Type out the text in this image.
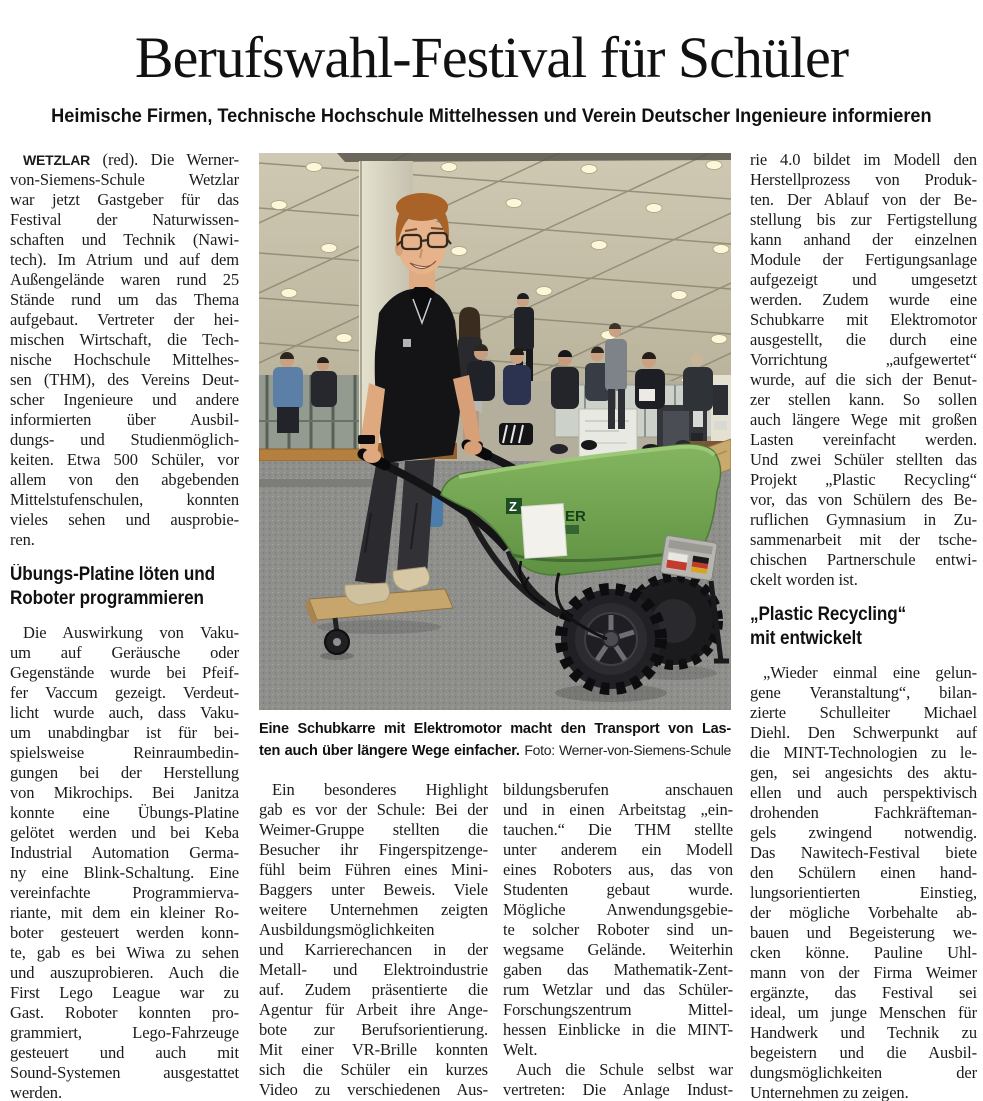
Berufswahl-Festival für Schüler
Heimische Firmen, Technische Hochschule Mittelhessen und Verein Deutscher Ingenieure informieren
WETZLAR (red). Die Werner-
von-Siemens-Schule Wetzlar
war jetzt Gastgeber für das
Festival der Naturwissen-
schaften und Technik (Nawi-
tech). Im Atrium und auf dem
Außengelände waren rund 25
Stände rund um das Thema
aufgebaut. Vertreter der hei-
mischen Wirtschaft, die Tech-
nische Hochschule Mittelhes-
sen (THM), des Vereins Deut-
scher Ingenieure und andere
informierten über Ausbil-
dungs- und Studienmöglich-
keiten. Etwa 500 Schüler, vor
allem von den abgebenden
Mittelstufenschulen, konnten
vieles sehen und ausprobie-
ren.
Übungs-Platine löten und
Roboter programmieren
Die Auswirkung von Vaku-
um auf Geräusche oder
Gegenstände wurde bei Pfeif-
fer Vaccum gezeigt. Verdeut-
licht wurde auch, dass Vaku-
um unabdingbar ist für bei-
spielsweise Reinraumbedin-
gungen bei der Herstellung
von Mikrochips. Bei Janitza
konnte eine Übungs-Platine
gelötet werden und bei Keba
Industrial Automation Germa-
ny eine Blink-Schaltung. Eine
vereinfachte Programmierva-
riante, mit dem ein kleiner Ro-
boter gesteuert werden konn-
te, gab es bei Wiwa zu sehen
und auszuprobieren. Auch die
First Lego League war zu
Gast. Roboter konnten pro-
grammiert, Lego-Fahrzeuge
gesteuert und auch mit
Sound-Systemen ausgestattet
werden.
Z
ER
Eine Schubkarre mit Elektromotor macht den Transport von Las-
ten auch über längere Wege einfacher. Foto: Werner-von-Siemens-Schule
Ein besonderes Highlight
gab es vor der Schule: Bei der
Weimer-Gruppe stellten die
Besucher ihr Fingerspitzenge-
fühl beim Führen eines Mini-
Baggers unter Beweis. Viele
weitere Unternehmen zeigten
Ausbildungsmöglichkeiten
und Karrierechancen in der
Metall- und Elektroindustrie
auf. Zudem präsentierte die
Agentur für Arbeit ihre Ange-
bote zur Berufsorientierung.
Mit einer VR-Brille konnten
sich die Schüler ein kurzes
Video zu verschiedenen Aus-
bildungsberufen anschauen
und in einen Arbeitstag „ein-
tauchen.“ Die THM stellte
unter anderem ein Modell
eines Roboters aus, das von
Studenten gebaut wurde.
Mögliche Anwendungsgebie-
te solcher Roboter sind un-
wegsame Gelände. Weiterhin
gaben das Mathematik-Zent-
rum Wetzlar und das Schüler-
Forschungszentrum Mittel-
hessen Einblicke in die MINT-
Welt.
Auch die Schule selbst war
vertreten: Die Anlage Indust-
rie 4.0 bildet im Modell den
Herstellprozess von Produk-
ten. Der Ablauf von der Be-
stellung bis zur Fertigstellung
kann anhand der einzelnen
Module der Fertigungsanlage
aufgezeigt und umgesetzt
werden. Zudem wurde eine
Schubkarre mit Elektromotor
ausgestellt, die durch eine
Vorrichtung „aufgewertet“
wurde, auf die sich der Benut-
zer stellen kann. So sollen
auch längere Wege mit großen
Lasten vereinfacht werden.
Und zwei Schüler stellten das
Projekt „Plastic Recycling“
vor, das von Schülern des Be-
ruflichen Gymnasium in Zu-
sammenarbeit mit der tsche-
chischen Partnerschule entwi-
ckelt worden ist.
„Plastic Recycling“
mit entwickelt
„Wieder einmal eine gelun-
gene Veranstaltung“, bilan-
zierte Schulleiter Michael
Diehl. Den Schwerpunkt auf
die MINT-Technologien zu le-
gen, sei angesichts des aktu-
ellen und auch perspektivisch
drohenden Fachkräfteman-
gels zwingend notwendig.
Das Nawitech-Festival biete
den Schülern einen hand-
lungsorientierten Einstieg,
der mögliche Vorbehalte ab-
bauen und Begeisterung we-
cken könne. Pauline Uhl-
mann von der Firma Weimer
ergänzte, das Festival sei
ideal, um junge Menschen für
Handwerk und Technik zu
begeistern und die Ausbil-
dungsmöglichkeiten der
Unternehmen zu zeigen.
